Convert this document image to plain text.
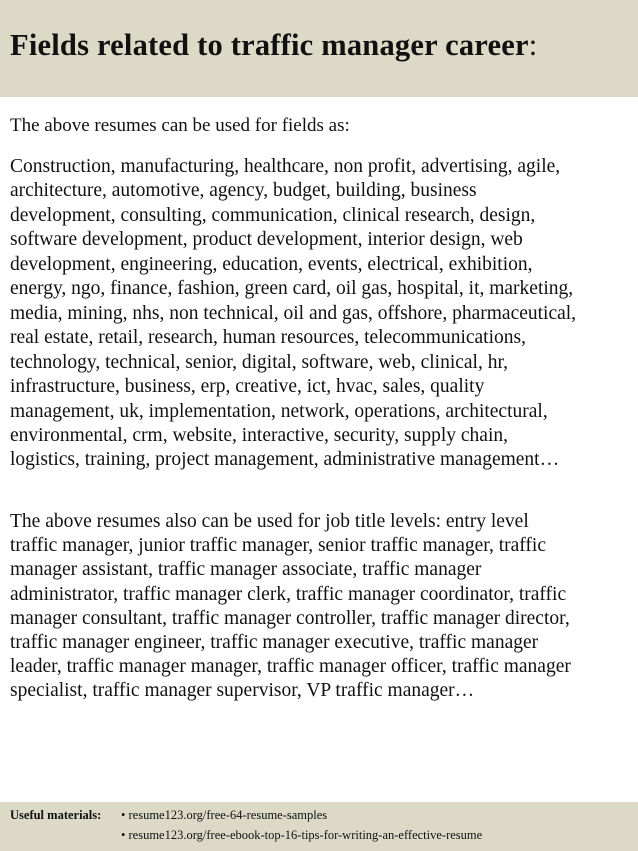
Fields related to traffic manager career:

The above resumes can be used for fields as:

Construction, manufacturing, healthcare, non profit, advertising, agile,
architecture, automotive, agency, budget, building, business
development, consulting, communication, clinical research, design,
software development, product development, interior design, web
development, engineering, education, events, electrical, exhibition,
energy, ngo, finance, fashion, green card, oil gas, hospital, it, marketing,
media, mining, nhs, non technical, oil and gas, offshore, pharmaceutical,
real estate, retail, research, human resources, telecommunications,
technology, technical, senior, digital, software, web, clinical, hr,
infrastructure, business, erp, creative, ict, hvac, sales, quality
management, uk, implementation, network, operations, architectural,
environmental, crm, website, interactive, security, supply chain,
logistics, training, project management, administrative management…

The above resumes also can be used for job title levels: entry level
traffic manager, junior traffic manager, senior traffic manager, traffic
manager assistant, traffic manager associate, traffic manager
administrator, traffic manager clerk, traffic manager coordinator, traffic
manager consultant, traffic manager controller, traffic manager director,
traffic manager engineer, traffic manager executive, traffic manager
leader, traffic manager manager, traffic manager officer, traffic manager
specialist, traffic manager supervisor, VP traffic manager…

Useful materials: • resume123.org/free-64-resume-samples
• resume123.org/free-ebook-top-16-tips-for-writing-an-effective-resume
